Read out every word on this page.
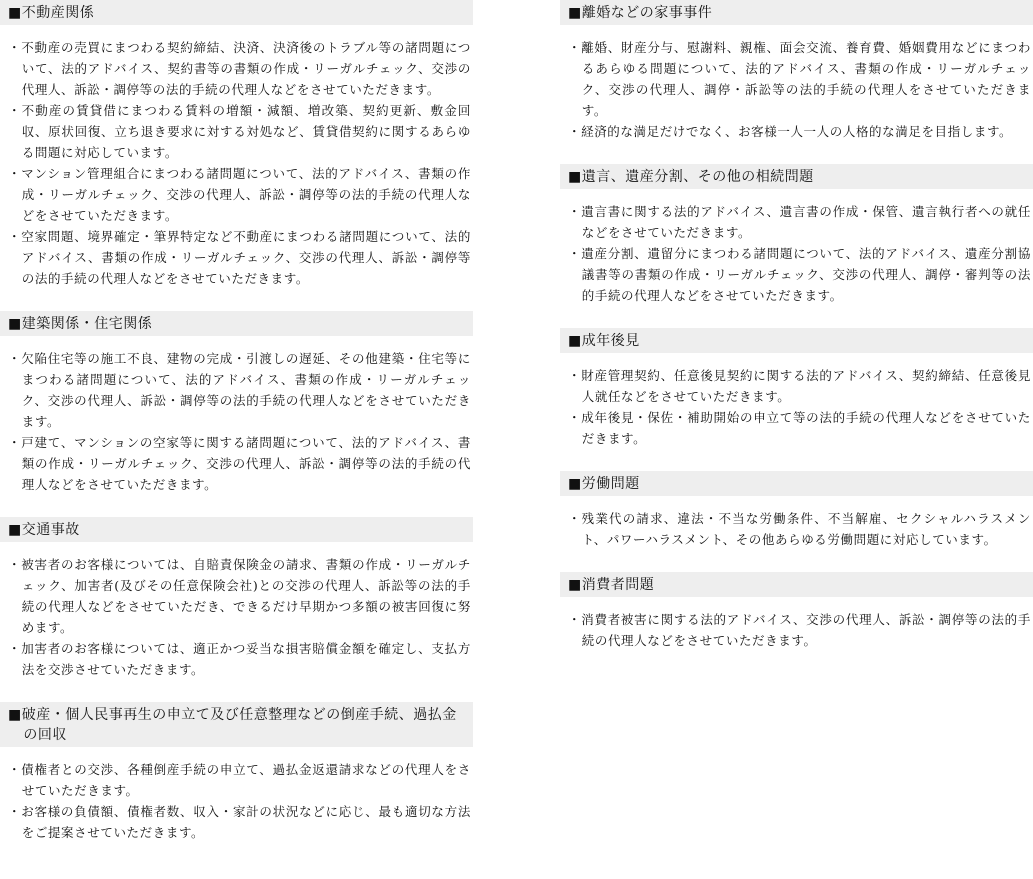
■不動産関係
・不動産の売買にまつわる契約締結、決済、決済後のトラブル等の諸問題について、法的アドバイス、契約書等の書類の作成・リーガルチェック、交渉の代理人、訴訟・調停等の法的手続の代理人などをさせていただきます。
・不動産の賃貸借にまつわる賃料の増額・減額、増改築、契約更新、敷金回収、原状回復、立ち退き要求に対する対処など、賃貸借契約に関するあらゆる問題に対応しています。
・マンション管理組合にまつわる諸問題について、法的アドバイス、書類の作成・リーガルチェック、交渉の代理人、訴訟・調停等の法的手続の代理人などをさせていただきます。
・空家問題、境界確定・筆界特定など不動産にまつわる諸問題について、法的アドバイス、書類の作成・リーガルチェック、交渉の代理人、訴訟・調停等の法的手続の代理人などをさせていただきます。
■建築関係・住宅関係
・欠陥住宅等の施工不良、建物の完成・引渡しの遅延、その他建築・住宅等にまつわる諸問題について、法的アドバイス、書類の作成・リーガルチェック、交渉の代理人、訴訟・調停等の法的手続の代理人などをさせていただきます。
・戸建て、マンションの空家等に関する諸問題について、法的アドバイス、書類の作成・リーガルチェック、交渉の代理人、訴訟・調停等の法的手続の代理人などをさせていただきます。
■交通事故
・被害者のお客様については、自賠責保険金の請求、書類の作成・リーガルチェック、加害者(及びその任意保険会社)との交渉の代理人、訴訟等の法的手続の代理人などをさせていただき、できるだけ早期かつ多額の被害回復に努めます。
・加害者のお客様については、適正かつ妥当な損害賠償金額を確定し、支払方法を交渉させていただきます。
■破産・個人民事再生の申立て及び任意整理などの倒産手続、過払金の回収
・債権者との交渉、各種倒産手続の申立て、過払金返還請求などの代理人をさせていただきます。
・お客様の負債額、債権者数、収入・家計の状況などに応じ、最も適切な方法をご提案させていただきます。
■離婚などの家事事件
・離婚、財産分与、慰謝料、親権、面会交流、養育費、婚姻費用などにまつわるあらゆる問題について、法的アドバイス、書類の作成・リーガルチェック、交渉の代理人、調停・訴訟等の法的手続の代理人をさせていただきます。
・経済的な満足だけでなく、お客様一人一人の人格的な満足を目指します。
■遺言、遺産分割、その他の相続問題
・遺言書に関する法的アドバイス、遺言書の作成・保管、遺言執行者への就任などをさせていただきます。
・遺産分割、遺留分にまつわる諸問題について、法的アドバイス、遺産分割協議書等の書類の作成・リーガルチェック、交渉の代理人、調停・審判等の法的手続の代理人などをさせていただきます。
■成年後見
・財産管理契約、任意後見契約に関する法的アドバイス、契約締結、任意後見人就任などをさせていただきます。
・成年後見・保佐・補助開始の申立て等の法的手続の代理人などをさせていただきます。
■労働問題
・残業代の請求、違法・不当な労働条件、不当解雇、セクシャルハラスメント、パワーハラスメント、その他あらゆる労働問題に対応しています。
■消費者問題
・消費者被害に関する法的アドバイス、交渉の代理人、訴訟・調停等の法的手続の代理人などをさせていただきます。
